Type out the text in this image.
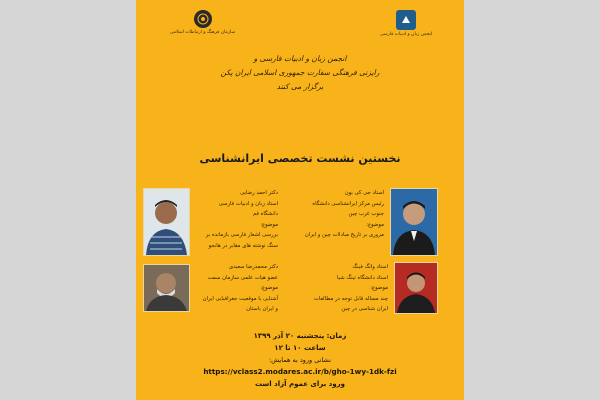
سازمان فرهنگ و ارتباطات اسلامی	انجمن زبان و ادبیات فارسی
انجمن زبان و ادبیات فارسی و
رایزنی فرهنگی سفارت جمهوری اسلامی ایران پکن
برگزار می کنند
نخستین نشست تخصصی ایرانشناسی
دکتر احمد رضایی
استاد زبان و ادبیات فارسی
دانشگاه قم
موضوع:
بررسی اشعار فارسی بازمانده بر
سنگ نوشته های مقابر در هانجو
استاد جی کی یون
رئیس مرکز ایرانشناسی دانشگاه
جنوب غرب چین
موضوع:
مروری بر تاریخ مبادلات چین و ایران
دکتر محمدرضا سعیدی
عضو هیات علمی سازمان سمت
موضوع:
آشنایی با موقعیت جغرافیایی ایران
و ایران باستان
استاد وانگ فینگ
استاد دانشگاه تینگ شیا
موضوع:
چند مساله قابل توجه در مطالعات
ایران شناسی در چین
زمان: پنجشنبه ۲۰ آذر ۱۳۹۹
ساعت ۱۰ تا ۱۲
نشانی ورود به همایش:
https://vclass2.modares.ac.ir/b/gho-1wy-1dk-fzi
ورود برای عموم آزاد است
